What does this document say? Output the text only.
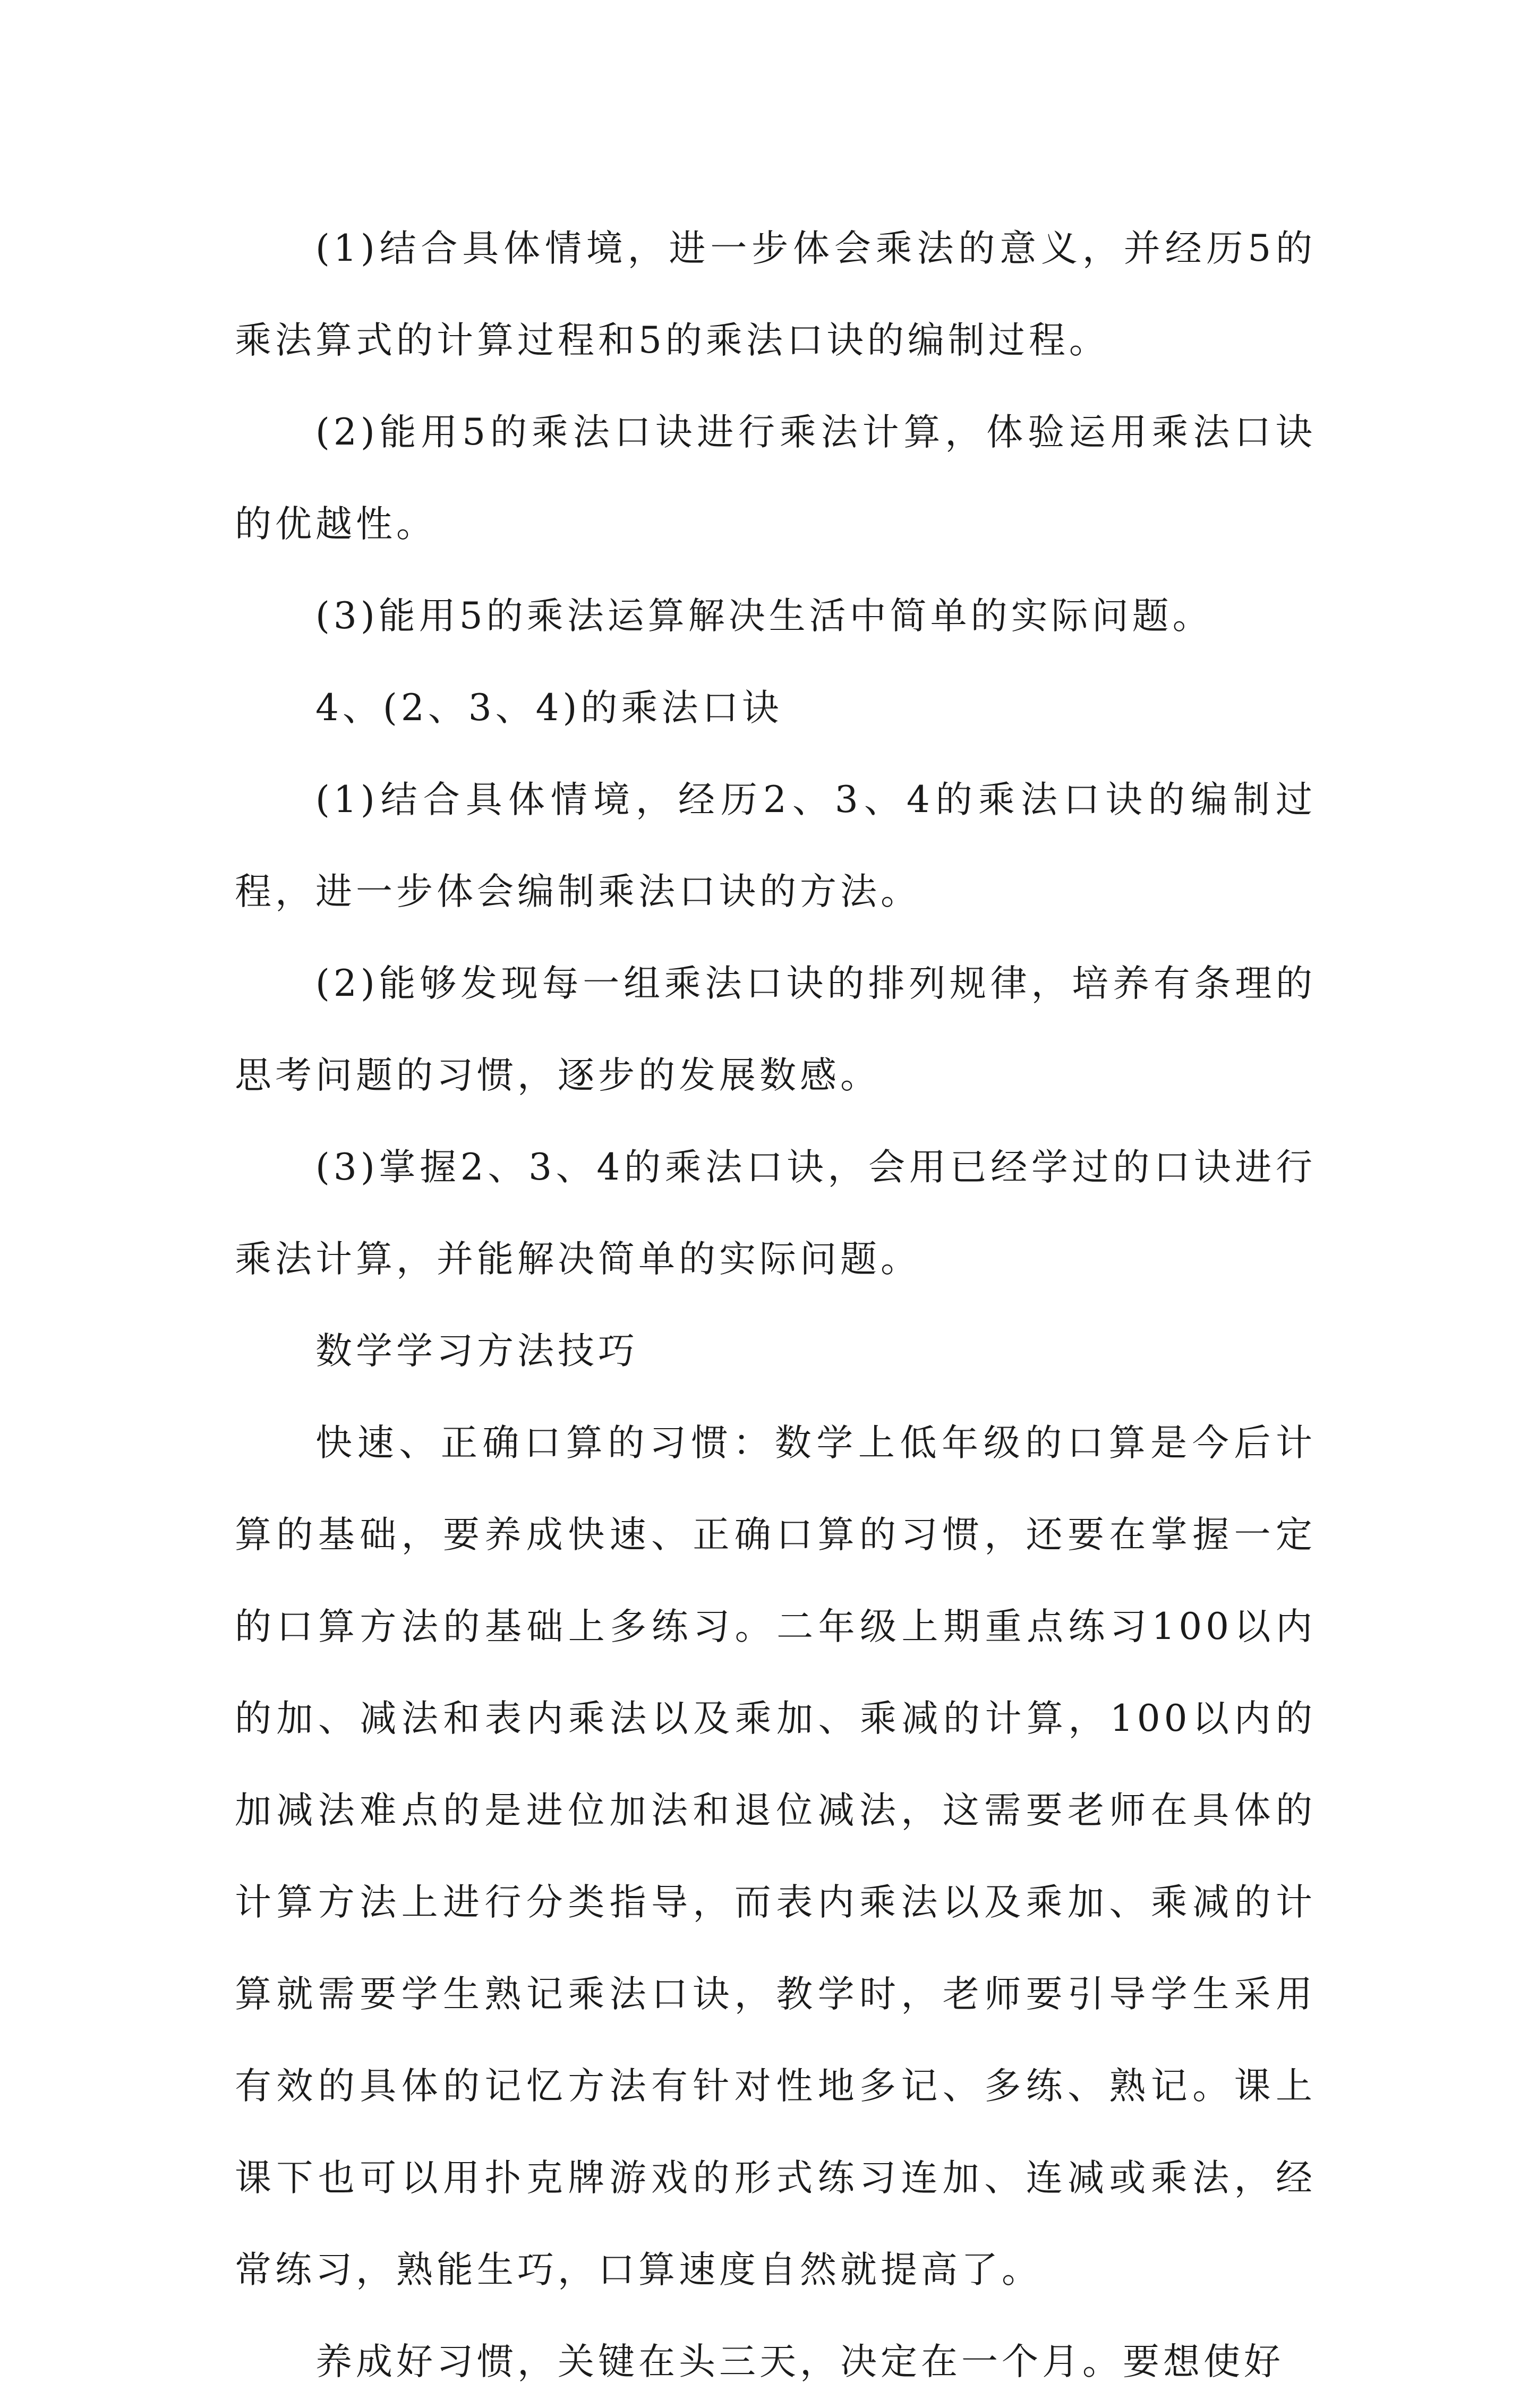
(1)结合具体情境，进一步体会乘法的意义，并经历5的乘法算式的计算过程和5的乘法口诀的编制过程。

(2)能用5的乘法口诀进行乘法计算，体验运用乘法口诀的优越性。

(3)能用5的乘法运算解决生活中简单的实际问题。

4、(2、3、4)的乘法口诀

(1)结合具体情境，经历2、3、4的乘法口诀的编制过程，进一步体会编制乘法口诀的方法。

(2)能够发现每一组乘法口诀的排列规律，培养有条理的思考问题的习惯，逐步的发展数感。

(3)掌握2、3、4的乘法口诀，会用已经学过的口诀进行乘法计算，并能解决简单的实际问题。

数学学习方法技巧

快速、正确口算的习惯：数学上低年级的口算是今后计算的基础，要养成快速、正确口算的习惯，还要在掌握一定的口算方法的基础上多练习。二年级上期重点练习100以内的加、减法和表内乘法以及乘加、乘减的计算，100以内的加减法难点的是进位加法和退位减法，这需要老师在具体的计算方法上进行分类指导，而表内乘法以及乘加、乘减的计算就需要学生熟记乘法口诀，教学时，老师要引导学生采用有效的具体的记忆方法有针对性地多记、多练、熟记。课上课下也可以用扑克牌游戏的形式练习连加、连减或乘法，经常练习，熟能生巧，口算速度自然就提高了。

养成好习惯，关键在头三天，决定在一个月。要想使好
